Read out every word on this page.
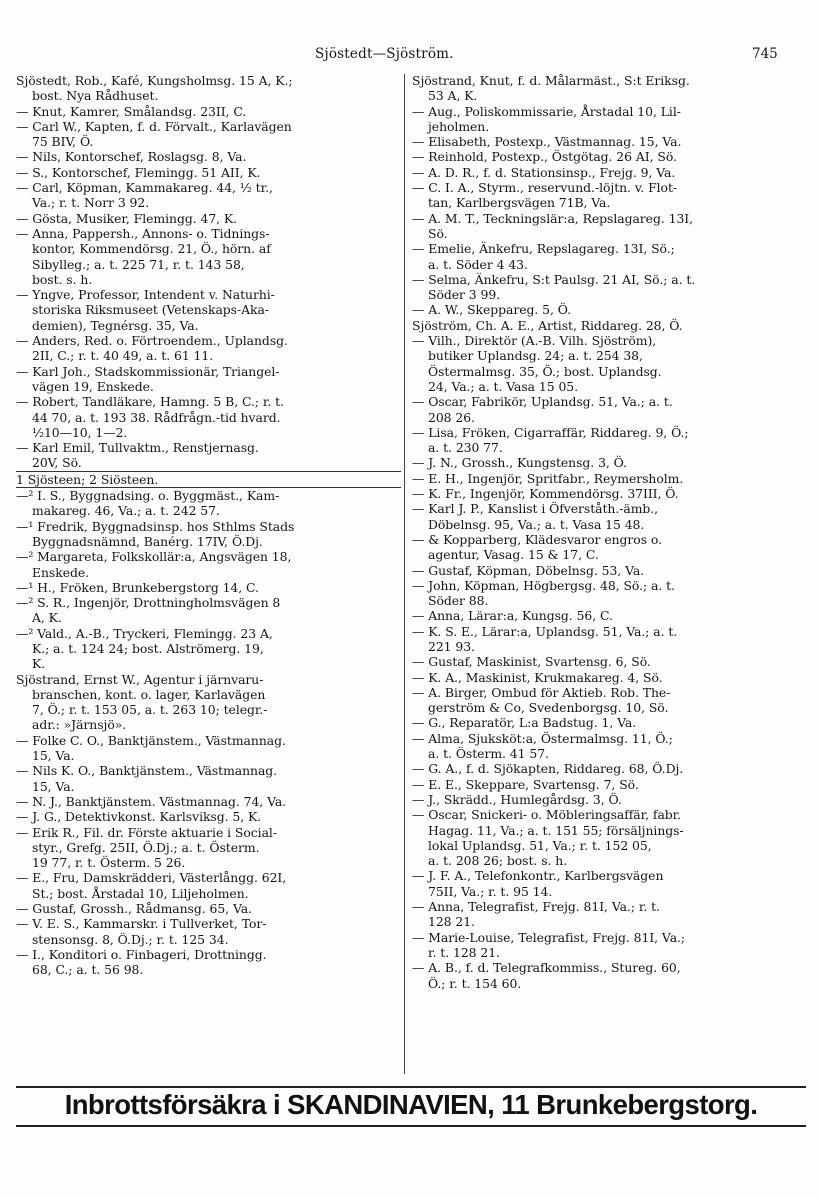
Sjöstedt—Sjöström.	745
Sjöstedt, Rob., Kafé, Kungsholmsg. 15 A, K.;
bost. Nya Rådhuset.
— Knut, Kamrer, Smålandsg. 23II, C.
— Carl W., Kapten, f. d. Förvalt., Karlavägen
75 BIV, Ö.
— Nils, Kontorschef, Roslagsg. 8, Va.
— S., Kontorschef, Flemingg. 51 AII, K.
— Carl, Köpman, Kammakareg. 44, ½ tr.,
Va.; r. t. Norr 3 92.
— Gösta, Musiker, Flemingg. 47, K.
— Anna, Pappersh., Annons- o. Tidnings-
kontor, Kommendörsg. 21, Ö., hörn. af
Sibylleg.; a. t. 225 71, r. t. 143 58,
bost. s. h.
— Yngve, Professor, Intendent v. Naturhi-
storiska Riksmuseet (Vetenskaps-Aka-
demien), Tegnérsg. 35, Va.
— Anders, Red. o. Förtroendem., Uplandsg.
2II, C.; r. t. 40 49, a. t. 61 11.
— Karl Joh., Stadskommissionär, Triangel-
vägen 19, Enskede.
— Robert, Tandläkare, Hamng. 5 B, C.; r. t.
44 70, a. t. 193 38. Rådfrågn.-tid hvard.
½10—10, 1—2.
— Karl Emil, Tullvaktm., Renstjernasg.
20V, Sö.
1 Sjösteen; 2 Siösteen.
—² I. S., Byggnadsing. o. Byggmäst., Kam-
makareg. 46, Va.; a. t. 242 57.
—¹ Fredrik, Byggnadsinsp. hos Sthlms Stads
Byggnadsnämnd, Banérg. 17IV, Ö.Dj.
—² Margareta, Folkskollär:a, Angsvägen 18,
Enskede.
—¹ H., Fröken, Brunkebergstorg 14, C.
—² S. R., Ingenjör, Drottningholmsvägen 8
A, K.
—² Vald., A.-B., Tryckeri, Flemingg. 23 A,
K.; a. t. 124 24; bost. Alströmerg. 19,
K.
Sjöstrand, Ernst W., Agentur i järnvaru-
branschen, kont. o. lager, Karlavägen
7, Ö.; r. t. 153 05, a. t. 263 10; telegr.-
adr.: »Järnsjö».
— Folke C. O., Banktjänstem., Västmannag.
15, Va.
— Nils K. O., Banktjänstem., Västmannag.
15, Va.
— N. J., Banktjänstem. Västmannag. 74, Va.
— J. G., Detektivkonst. Karlsviksg. 5, K.
— Erik R., Fil. dr. Förste aktuarie i Social-
styr., Grefg. 25II, Ö.Dj.; a. t. Österm.
19 77, r. t. Österm. 5 26.
— E., Fru, Damskrädderi, Västerlångg. 62I,
St.; bost. Årstadal 10, Liljeholmen.
— Gustaf, Grossh., Rådmansg. 65, Va.
— V. E. S., Kammarskr. i Tullverket, Tor-
stensonsg. 8, Ö.Dj.; r. t. 125 34.
— I., Konditori o. Finbageri, Drottningg.
68, C.; a. t. 56 98.
Sjöstrand, Knut, f. d. Målarmäst., S:t Eriksg.
53 A, K.
— Aug., Poliskommissarie, Årstadal 10, Lil-
jeholmen.
— Elisabeth, Postexp., Västmannag. 15, Va.
— Reinhold, Postexp., Östgötag. 26 AI, Sö.
— A. D. R., f. d. Stationsinsp., Frejg. 9, Va.
— C. I. A., Styrm., reservund.-löjtn. v. Flot-
tan, Karlbergsvägen 71B, Va.
— A. M. T., Teckningslär:a, Repslagareg. 13I,
Sö.
— Emelie, Änkefru, Repslagareg. 13I, Sö.;
a. t. Söder 4 43.
— Selma, Änkefru, S:t Paulsg. 21 AI, Sö.; a. t.
Söder 3 99.
— A. W., Skeppareg. 5, Ö.
Sjöström, Ch. A. E., Artist, Riddareg. 28, Ö.
— Vilh., Direktör (A.-B. Vilh. Sjöström),
butiker Uplandsg. 24; a. t. 254 38,
Östermalmsg. 35, Ö.; bost. Uplandsg.
24, Va.; a. t. Vasa 15 05.
— Oscar, Fabrikör, Uplandsg. 51, Va.; a. t.
208 26.
— Lisa, Fröken, Cigarraffär, Riddareg. 9, Ö.;
a. t. 230 77.
— J. N., Grossh., Kungstensg. 3, Ö.
— E. H., Ingenjör, Spritfabr., Reymersholm.
— K. Fr., Ingenjör, Kommendörsg. 37III, Ö.
— Karl J. P., Kanslist i Öfverståth.-ämb.,
Döbelnsg. 95, Va.; a. t. Vasa 15 48.
— & Kopparberg, Klädesvaror engros o.
agentur, Vasag. 15 & 17, C.
— Gustaf, Köpman, Döbelnsg. 53, Va.
— John, Köpman, Högbergsg. 48, Sö.; a. t.
Söder 88.
— Anna, Lärar:a, Kungsg. 56, C.
— K. S. E., Lärar:a, Uplandsg. 51, Va.; a. t.
221 93.
— Gustaf, Maskinist, Svartensg. 6, Sö.
— K. A., Maskinist, Krukmakareg. 4, Sö.
— A. Birger, Ombud för Aktieb. Rob. The-
gerström & Co, Svedenborgsg. 10, Sö.
— G., Reparatör, L:a Badstug. 1, Va.
— Alma, Sjuksköt:a, Östermalmsg. 11, Ö.;
a. t. Österm. 41 57.
— G. A., f. d. Sjökapten, Riddareg. 68, Ö.Dj.
— E. E., Skeppare, Svartensg. 7, Sö.
— J., Skrädd., Humlegårdsg. 3, Ö.
— Oscar, Snickeri- o. Möbleringsaffär, fabr.
Hagag. 11, Va.; a. t. 151 55; försäljnings-
lokal Uplandsg. 51, Va.; r. t. 152 05,
a. t. 208 26; bost. s. h.
— J. F. A., Telefonkontr., Karlbergsvägen
75II, Va.; r. t. 95 14.
— Anna, Telegrafist, Frejg. 81I, Va.; r. t.
128 21.
— Marie-Louise, Telegrafist, Frejg. 81I, Va.;
r. t. 128 21.
— A. B., f. d. Telegrafkommiss., Stureg. 60,
Ö.; r. t. 154 60.
Inbrottsförsäkra i SKANDINAVIEN, 11 Brunkebergstorg.
